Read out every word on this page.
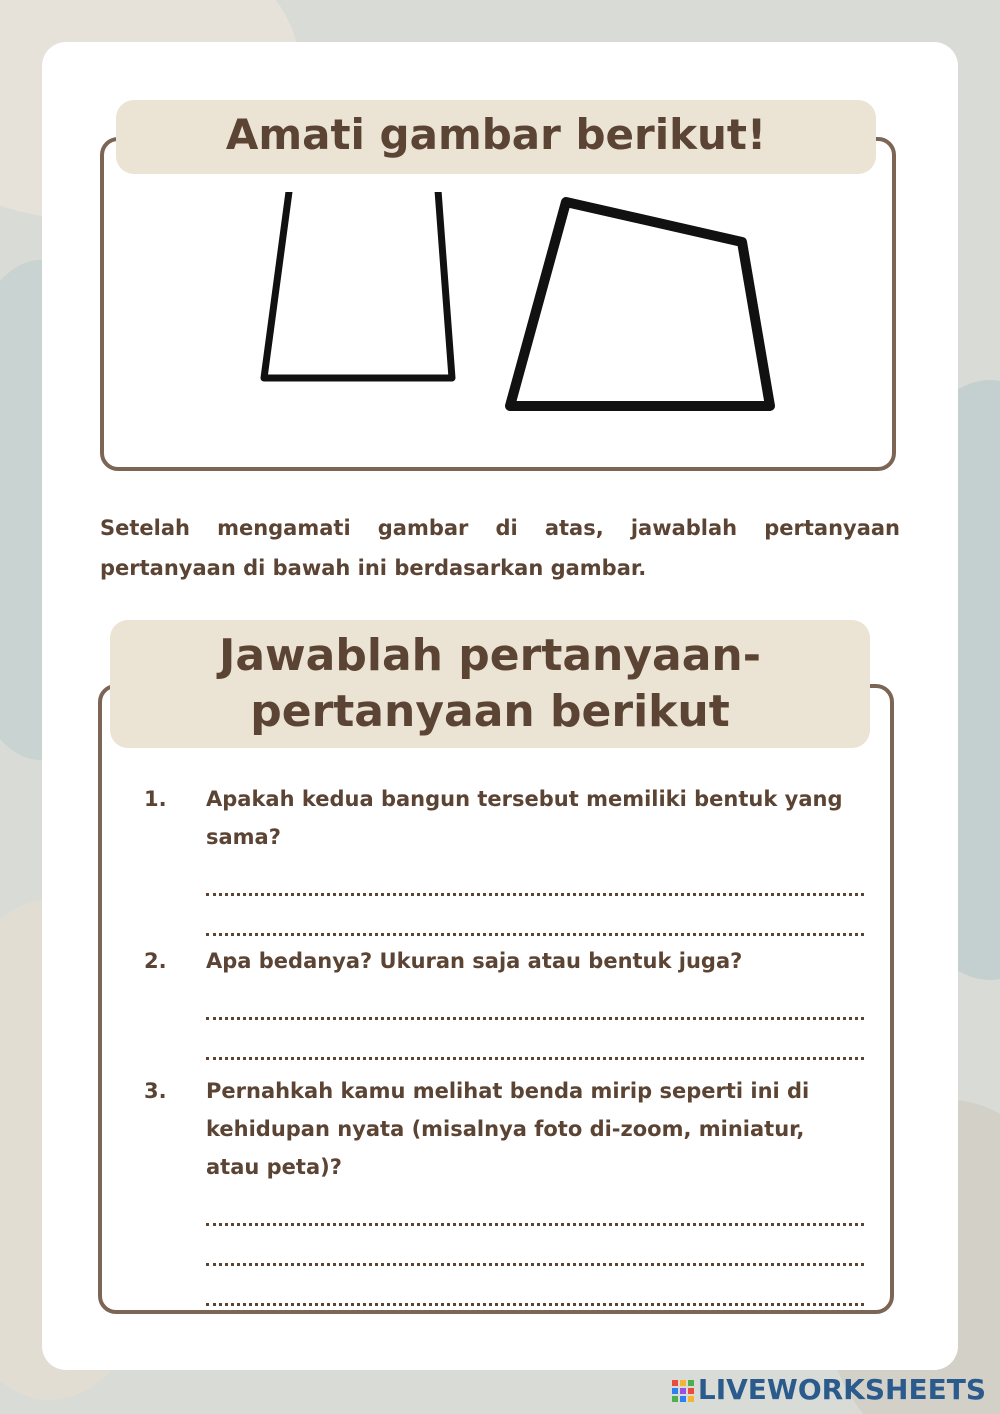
Amati gambar berikut!
Setelah mengamati gambar di atas, jawablah pertanyaan pertanyaan di bawah ini berdasarkan gambar.
Jawablah pertanyaan-
pertanyaan berikut
1. Apakah kedua bangun tersebut memiliki bentuk yang sama?
2. Apa bedanya? Ukuran saja atau bentuk juga?
3. Pernahkah kamu melihat benda mirip seperti ini di kehidupan nyata (misalnya foto di-zoom, miniatur, atau peta)?
LIVEWORKSHEETS
